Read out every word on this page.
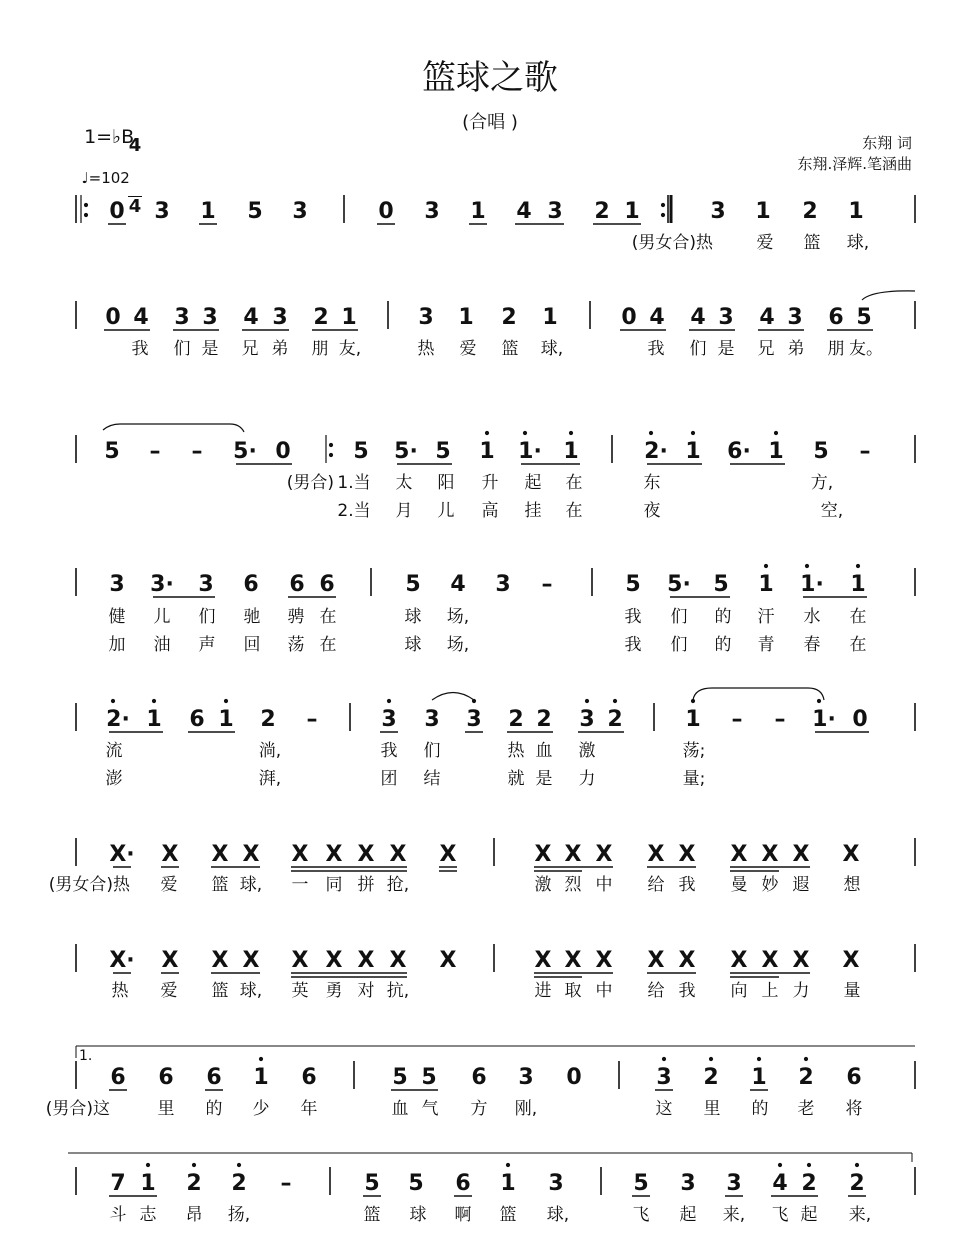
篮球之歌
(合唱 )

1=♭B

4

4

♩=102

东翔 词
东翔.泽辉.笔涵曲
0 3 1 5 3	0 3 1 4 3 2 1	3 1 2 1
(男女合)热	爱 篮 球,
0 4 3 3 4 3 2 1	3 1 2 1	0 4 4 3 4 3 6 5
我 们 是 兄 弟 朋 友,	热 爱 篮 球,	我 们 是 兄 弟 朋 友。
5 – – 5· 0	5 5· 5 1 1· 1	2· 1 6· 1 5 –
(男合) 1.当 太 阳 升 起 在	东	方,
2.当 月 儿 高 挂 在	夜	空,
3 3· 3 6 6 6	5 4 3 –	5 5· 5 1 1· 1
健 儿 们 驰 骋 在	球 场,	我 们 的 汗 水 在
加 油 声 回 荡 在	球 场,	我 们 的 青 春 在
2· 1 6 1 2 –	3 3 3 2 2 3 2	1 – – 1· 0
流	淌,	我 们	热 血 激	荡;
澎	湃,	团 结	就 是 力	量;
X· X X X X X X X X	X X X X X X X X X
(男女合)热 爱 篮 球, 一 同 拼 抢,	激 烈 中 给 我 曼 妙 遐 想
X· X X X X X X X X	X X X X X X X X X
热 爱 篮 球, 英 勇 对 抗,	进 取 中 给 我 向 上 力 量
6 6 6 1 6	5 5 6 3 0	3 2 1 2 6
(男合)这	里 的 少 年	血 气 方 刚,	这 里 的 老 将
7 1 2 2 –	5 5 6 1 3	5 3 3 4 2 2
斗 志 昂 扬,	篮 球 啊 篮 球,	飞 起 来, 飞 起 来,
1.
